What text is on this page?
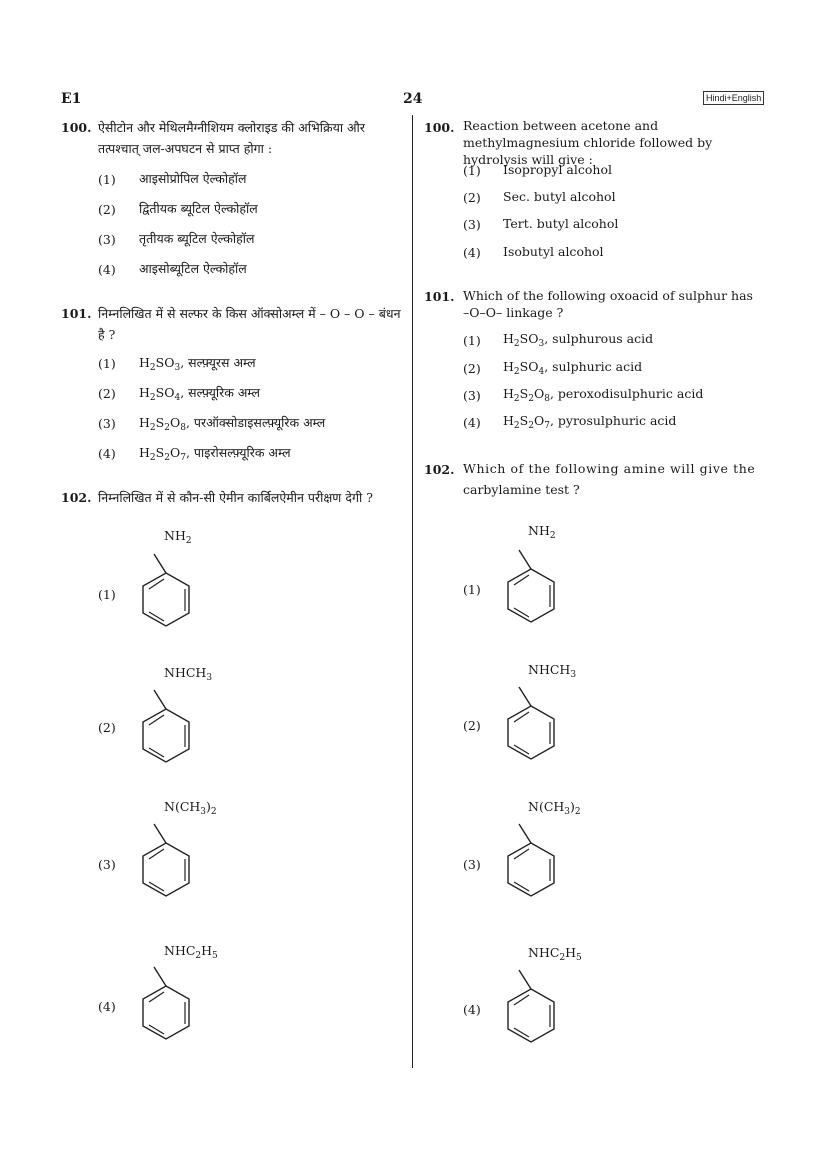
E1	24	Hindi+English
100. ऐसीटोन और मेथिलमैग्नीशियम क्लोराइड की अभिक्रिया और तत्पश्चात् जल-अपघटन से प्राप्त होगा :
(1) आइसोप्रोपिल ऐल्कोहॉल
(2) द्वितीयक ब्यूटिल ऐल्कोहॉल
(3) तृतीयक ब्यूटिल ऐल्कोहॉल
(4) आइसोब्यूटिल ऐल्कोहॉल
101. निम्नलिखित में से सल्फर के किस ऑक्सोअम्ल में – O – O – बंधन है ?
(1) $H_2SO_3$, सल्फ़्यूरस अम्ल
(2) $H_2SO_4$, सल्फ़्यूरिक अम्ल
(3) $H_2S_2O_8$, परऑक्सोडाइसल्फ़्यूरिक अम्ल
(4) $H_2S_2O_7$, पाइरोसल्फ़्यूरिक अम्ल
102. निम्नलिखित में से कौन-सी ऐमीन कार्बिलऐमीन परीक्षण देगी ?
$NH_2$
(1)
$NHCH_3$
(2)
$N(CH_3)_2$
(3)
$NHC_2H_5$
(4)
100. Reaction between acetone and methylmagnesium chloride followed by hydrolysis will give :
(1) Isopropyl alcohol
(2) Sec. butyl alcohol
(3) Tert. butyl alcohol
(4) Isobutyl alcohol
101. Which of the following oxoacid of sulphur has
–O–O– linkage ?
(1) $H_2SO_3$, sulphurous acid
(2) $H_2SO_4$, sulphuric acid
(3) $H_2S_2O_8$, peroxodisulphuric acid
(4) $H_2S_2O_7$, pyrosulphuric acid
102. Which of the following amine will give the
carbylamine test ?
$NH_2$
(1)
$NHCH_3$
(2)
$N(CH_3)_2$
(3)
$NHC_2H_5$
(4)
